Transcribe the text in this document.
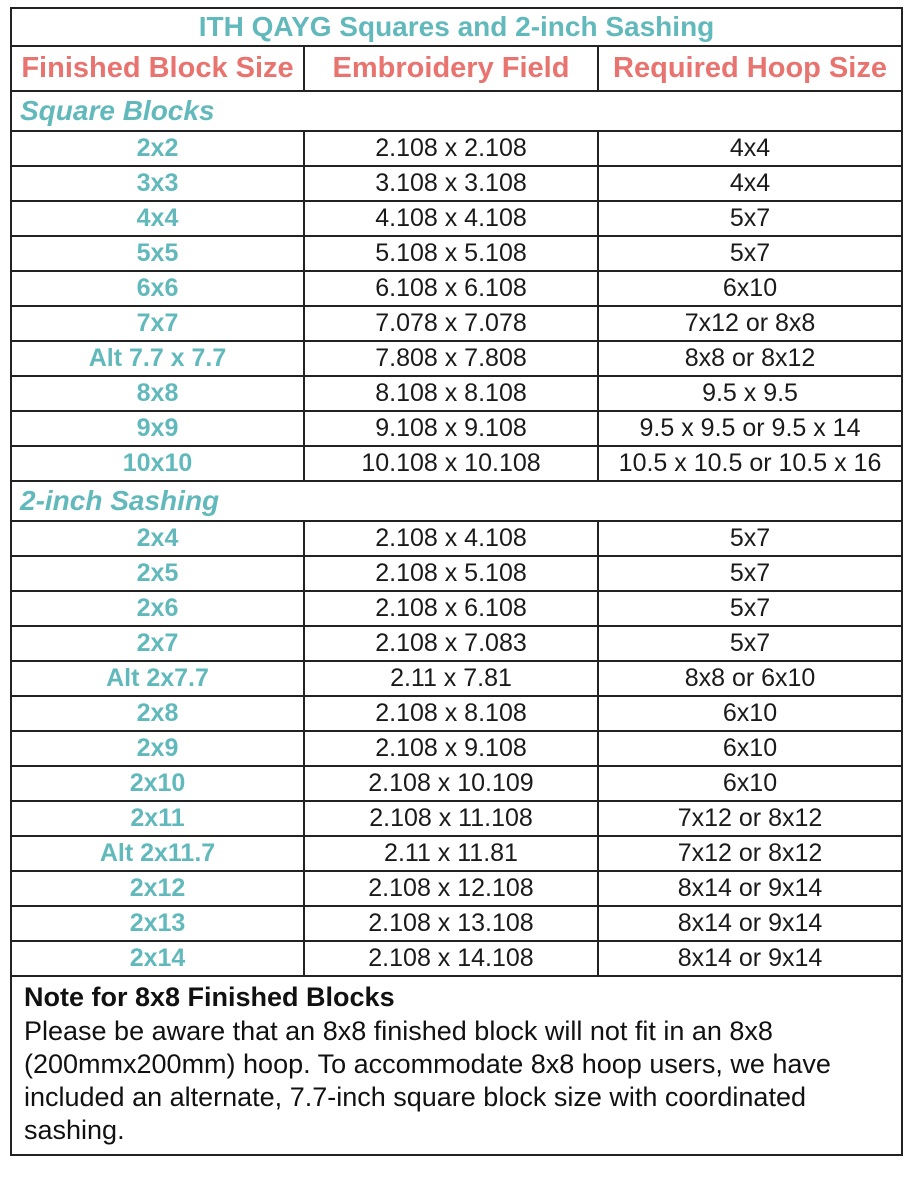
ITH QAYG Squares and 2-inch Sashing		
Finished Block Size	Embroidery Field	Required Hoop Size
Square Blocks		
2x2	2.108 x 2.108	4x4
3x3	3.108 x 3.108	4x4
4x4	4.108 x 4.108	5x7
5x5	5.108 x 5.108	5x7
6x6	6.108 x 6.108	6x10
7x7	7.078 x 7.078	7x12 or 8x8
Alt 7.7 x 7.7	7.808 x 7.808	8x8 or 8x12
8x8	8.108 x 8.108	9.5 x 9.5
9x9	9.108 x 9.108	9.5 x 9.5 or 9.5 x 14
10x10	10.108 x 10.108	10.5 x 10.5 or 10.5 x 16
2-inch Sashing		
2x4	2.108 x 4.108	5x7
2x5	2.108 x 5.108	5x7
2x6	2.108 x 6.108	5x7
2x7	2.108 x 7.083	5x7
Alt 2x7.7	2.11 x 7.81	8x8 or 6x10
2x8	2.108 x 8.108	6x10
2x9	2.108 x 9.108	6x10
2x10	2.108 x 10.109	6x10
2x11	2.108 x 11.108	7x12 or 8x12
Alt 2x11.7	2.11 x 11.81	7x12 or 8x12
2x12	2.108 x 12.108	8x14 or 9x14
2x13	2.108 x 13.108	8x14 or 9x14
2x14	2.108 x 14.108	8x14 or 9x14

Note for 8x8 Finished Blocks
Please be aware that an 8x8 finished block will not fit in an 8x8 (200mmx200mm) hoop. To accommodate 8x8 hoop users, we have included an alternate, 7.7-inch square block size with coordinated sashing.		
